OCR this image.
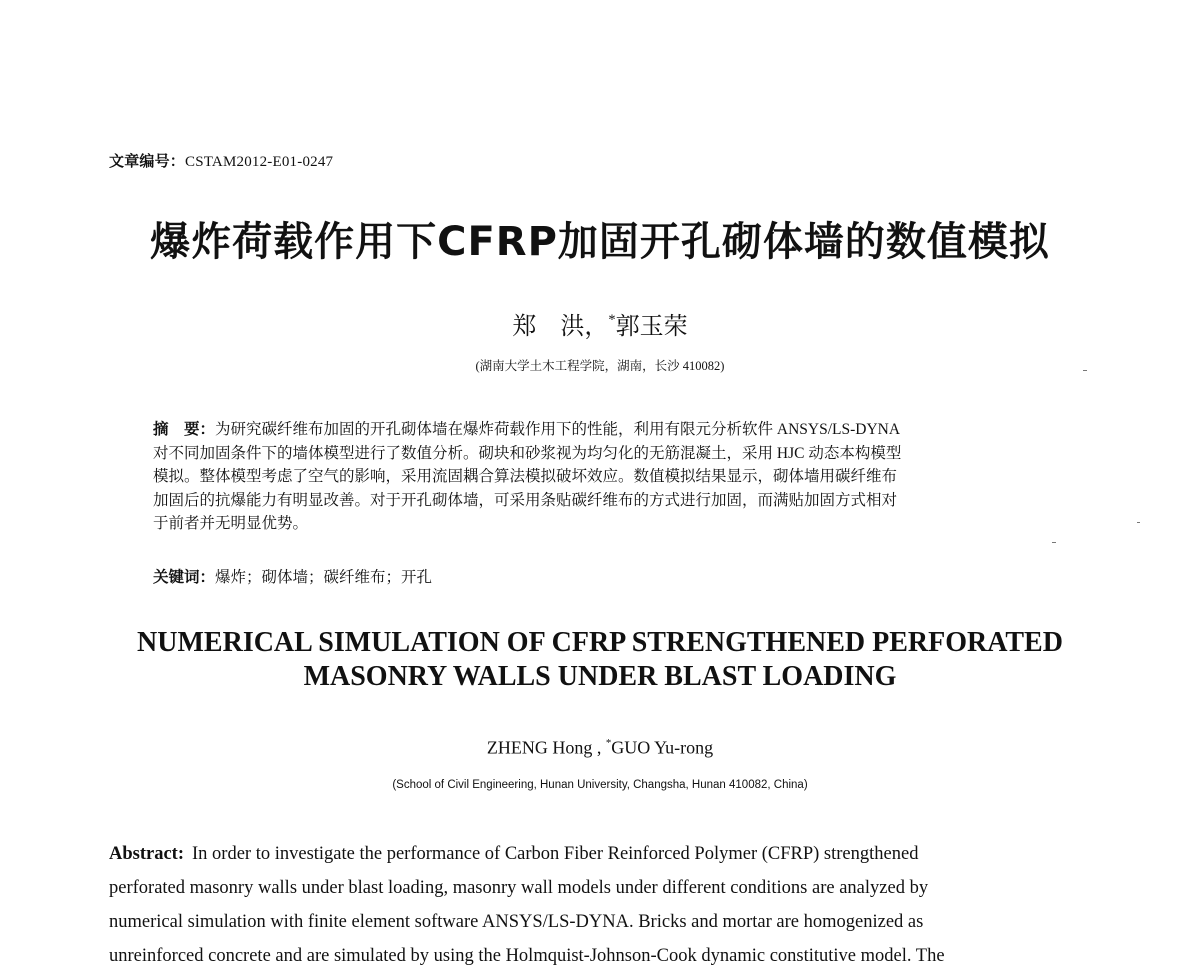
文章编号：CSTAM2012-E01-0247
爆炸荷载作用下CFRP加固开孔砌体墙的数值模拟
郑　洪，*郭玉荣
(湖南大学土木工程学院，湖南，长沙 410082)
摘　要：为研究碳纤维布加固的开孔砌体墙在爆炸荷载作用下的性能，利用有限元分析软件 ANSYS/LS-DYNA
对不同加固条件下的墙体模型进行了数值分析。砌块和砂浆视为均匀化的无筋混凝土，采用 HJC 动态本构模型
模拟。整体模型考虑了空气的影响，采用流固耦合算法模拟破坏效应。数值模拟结果显示，砌体墙用碳纤维布
加固后的抗爆能力有明显改善。对于开孔砌体墙，可采用条贴碳纤维布的方式进行加固，而满贴加固方式相对
于前者并无明显优势。
关键词：爆炸；砌体墙；碳纤维布；开孔
NUMERICAL SIMULATION OF CFRP STRENGTHENED PERFORATED
MASONRY WALLS UNDER BLAST LOADING
ZHENG Hong , *GUO Yu-rong
(School of Civil Engineering, Hunan University, Changsha, Hunan 410082, China)
Abstract: In order to investigate the performance of Carbon Fiber Reinforced Polymer (CFRP) strengthened
perforated masonry walls under blast loading, masonry wall models under different conditions are analyzed by
numerical simulation with finite element software ANSYS/LS-DYNA. Bricks and mortar are homogenized as
unreinforced concrete and are simulated by using the Holmquist-Johnson-Cook dynamic constitutive model. The
